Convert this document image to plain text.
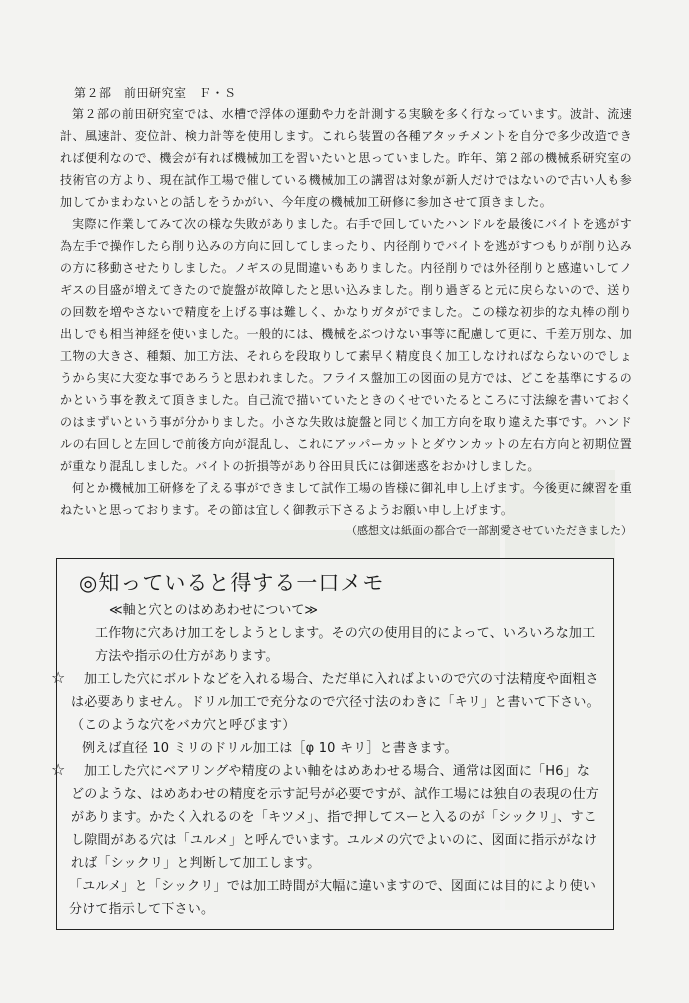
第２部　前田研究室　Ｆ・Ｓ

第２部の前田研究室では、水槽で浮体の運動や力を計測する実験を多く行なっています。波計、流速計、風速計、変位計、検力計等を使用します。これら装置の各種アタッチメントを自分で多少改造できれば便利なので、機会が有れば機械加工を習いたいと思っていました。昨年、第２部の機械系研究室の技術官の方より、現在試作工場で催している機械加工の講習は対象が新人だけではないので古い人も参加してかまわないとの話しをうかがい、今年度の機械加工研修に参加させて頂きました。

実際に作業してみて次の様な失敗がありました。右手で回していたハンドルを最後にバイトを逃がす為左手で操作したら削り込みの方向に回してしまったり、内径削りでバイトを逃がすつもりが削り込みの方に移動させたりしました。ノギスの見間違いもありました。内径削りでは外径削りと感違いしてノギスの目盛が増えてきたので旋盤が故障したと思い込みました。削り過ぎると元に戻らないので、送りの回数を増やさないで精度を上げる事は難しく、かなりガタがでました。この様な初歩的な丸棒の削り出しでも相当神経を使いました。一般的には、機械をぶつけない事等に配慮して更に、千差万別な、加工物の大きさ、種類、加工方法、それらを段取りして素早く精度良く加工しなければならないのでしょうから実に大変な事であろうと思われました。フライス盤加工の図面の見方では、どこを基準にするのかという事を教えて頂きました。自己流で描いていたときのくせでいたるところに寸法線を書いておくのはまずいという事が分かりました。小さな失敗は旋盤と同じく加工方向を取り違えた事です。ハンドルの右回しと左回しで前後方向が混乱し、これにアッパーカットとダウンカットの左右方向と初期位置が重なり混乱しました。バイトの折損等があり谷田貝氏には御迷惑をおかけしました。

何とか機械加工研修を了える事ができまして試作工場の皆様に御礼申し上げます。今後更に練習を重ねたいと思っております。その節は宜しく御教示下さるようお願い申し上げます。

（感想文は紙面の都合で一部割愛させていただきました）

◎知っていると得する一口メモ
≪軸と穴とのはめあわせについて≫

工作物に穴あけ加工をしようとします。その穴の使用目的によって、いろいろな加工方法や指示の仕方があります。

☆	加工した穴にボルトなどを入れる場合、ただ単に入ればよいので穴の寸法精度や面粗さは必要ありません。ドリル加工で充分なので穴径寸法のわきに「キリ」と書いて下さい。（このような穴をバカ穴と呼びます）

例えば直径 10 ミリのドリル加工は［φ 10 キリ］と書きます。

☆	加工した穴にベアリングや精度のよい軸をはめあわせる場合、通常は図面に「H6」などのような、はめあわせの精度を示す記号が必要ですが、試作工場には独自の表現の仕方があります。かたく入れるのを「キツメ」、指で押してスーと入るのが「シックリ」、すこし隙間がある穴は「ユルメ」と呼んでいます。ユルメの穴でよいのに、図面に指示がなければ「シックリ」と判断して加工します。

「ユルメ」と「シックリ」では加工時間が大幅に違いますので、図面には目的により使い分けて指示して下さい。
